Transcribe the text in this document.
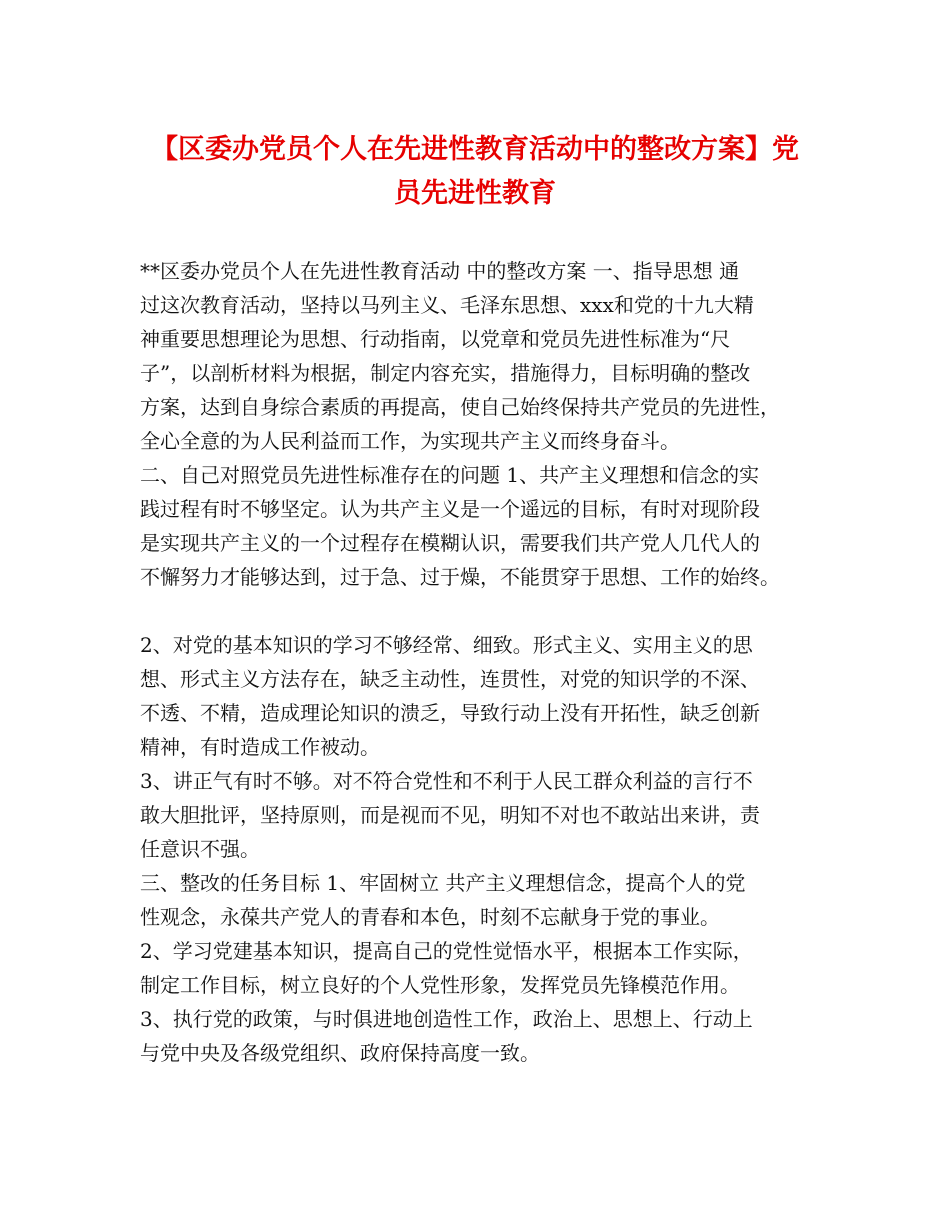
【区委办党员个人在先进性教育活动中的整改方案】党
员先进性教育
**区委办党员个人在先进性教育活动 中的整改方案 一、指导思想 通
过这次教育活动，坚持以马列主义、毛泽东思想、xxx和党的十九大精
神重要思想理论为思想、行动指南，以党章和党员先进性标准为“尺
子”，以剖析材料为根据，制定内容充实，措施得力，目标明确的整改
方案，达到自身综合素质的再提高，使自己始终保持共产党员的先进性，
全心全意的为人民利益而工作，为实现共产主义而终身奋斗。
二、自己对照党员先进性标准存在的问题 1、共产主义理想和信念的实
践过程有时不够坚定。认为共产主义是一个遥远的目标，有时对现阶段
是实现共产主义的一个过程存在模糊认识，需要我们共产党人几代人的
不懈努力才能够达到，过于急、过于燥，不能贯穿于思想、工作的始终。
2、对党的基本知识的学习不够经常、细致。形式主义、实用主义的思
想、形式主义方法存在，缺乏主动性，连贯性，对党的知识学的不深、
不透、不精，造成理论知识的溃乏，导致行动上没有开拓性，缺乏创新
精神，有时造成工作被动。
3、讲正气有时不够。对不符合党性和不利于人民工群众利益的言行不
敢大胆批评，坚持原则，而是视而不见，明知不对也不敢站出来讲，责
任意识不强。
三、整改的任务目标 1、牢固树立 共产主义理想信念，提高个人的党
性观念，永葆共产党人的青春和本色，时刻不忘献身于党的事业。
2、学习党建基本知识，提高自己的党性觉悟水平，根据本工作实际，
制定工作目标，树立良好的个人党性形象，发挥党员先锋模范作用。
3、执行党的政策，与时俱进地创造性工作，政治上、思想上、行动上
与党中央及各级党组织、政府保持高度一致。
